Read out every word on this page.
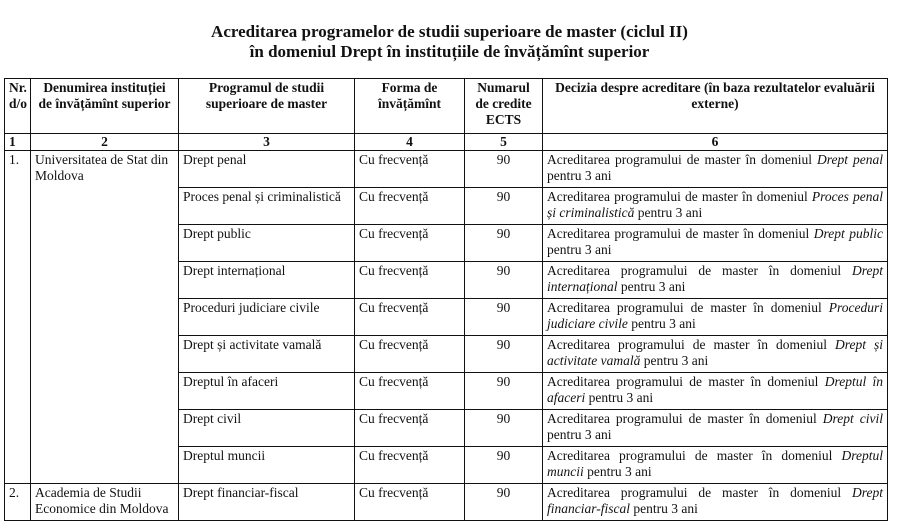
Acreditarea programelor de studii superioare de master (ciclul II)
în domeniul Drept în instituțiile de învățămînt superior
Nr. d/o	Denumirea instituției de învățămînt superior	Programul de studii superioare de master	Forma de învățămînt	Numarul de credite ECTS	Decizia despre acreditare (în baza rezultatelor evaluării externe)
1	2	3	4	5	6
1.	Universitatea de Stat din Moldova	Drept penal	Cu frecvență	90	Acreditarea programului de master în domeniul Drept penal pentru 3 ani
		Proces penal și criminalistică	Cu frecvență	90	Acreditarea programului de master în domeniul Proces penal și criminalistică pentru 3 ani
		Drept public	Cu frecvență	90	Acreditarea programului de master în domeniul Drept public pentru 3 ani
		Drept internațional	Cu frecvență	90	Acreditarea programului de master în domeniul Drept internațional pentru 3 ani
		Proceduri judiciare civile	Cu frecvență	90	Acreditarea programului de master în domeniul Proceduri judiciare civile pentru 3 ani
		Drept și activitate vamală	Cu frecvență	90	Acreditarea programului de master în domeniul Drept și activitate vamală pentru 3 ani
		Dreptul în afaceri	Cu frecvență	90	Acreditarea programului de master în domeniul Dreptul în afaceri pentru 3 ani
		Drept civil	Cu frecvență	90	Acreditarea programului de master în domeniul Drept civil pentru 3 ani
		Dreptul muncii	Cu frecvență	90	Acreditarea programului de master în domeniul Dreptul muncii pentru 3 ani
2.	Academia de Studii Economice din Moldova	Drept financiar-fiscal	Cu frecvență	90	Acreditarea programului de master în domeniul Drept financiar-fiscal pentru 3 ani
